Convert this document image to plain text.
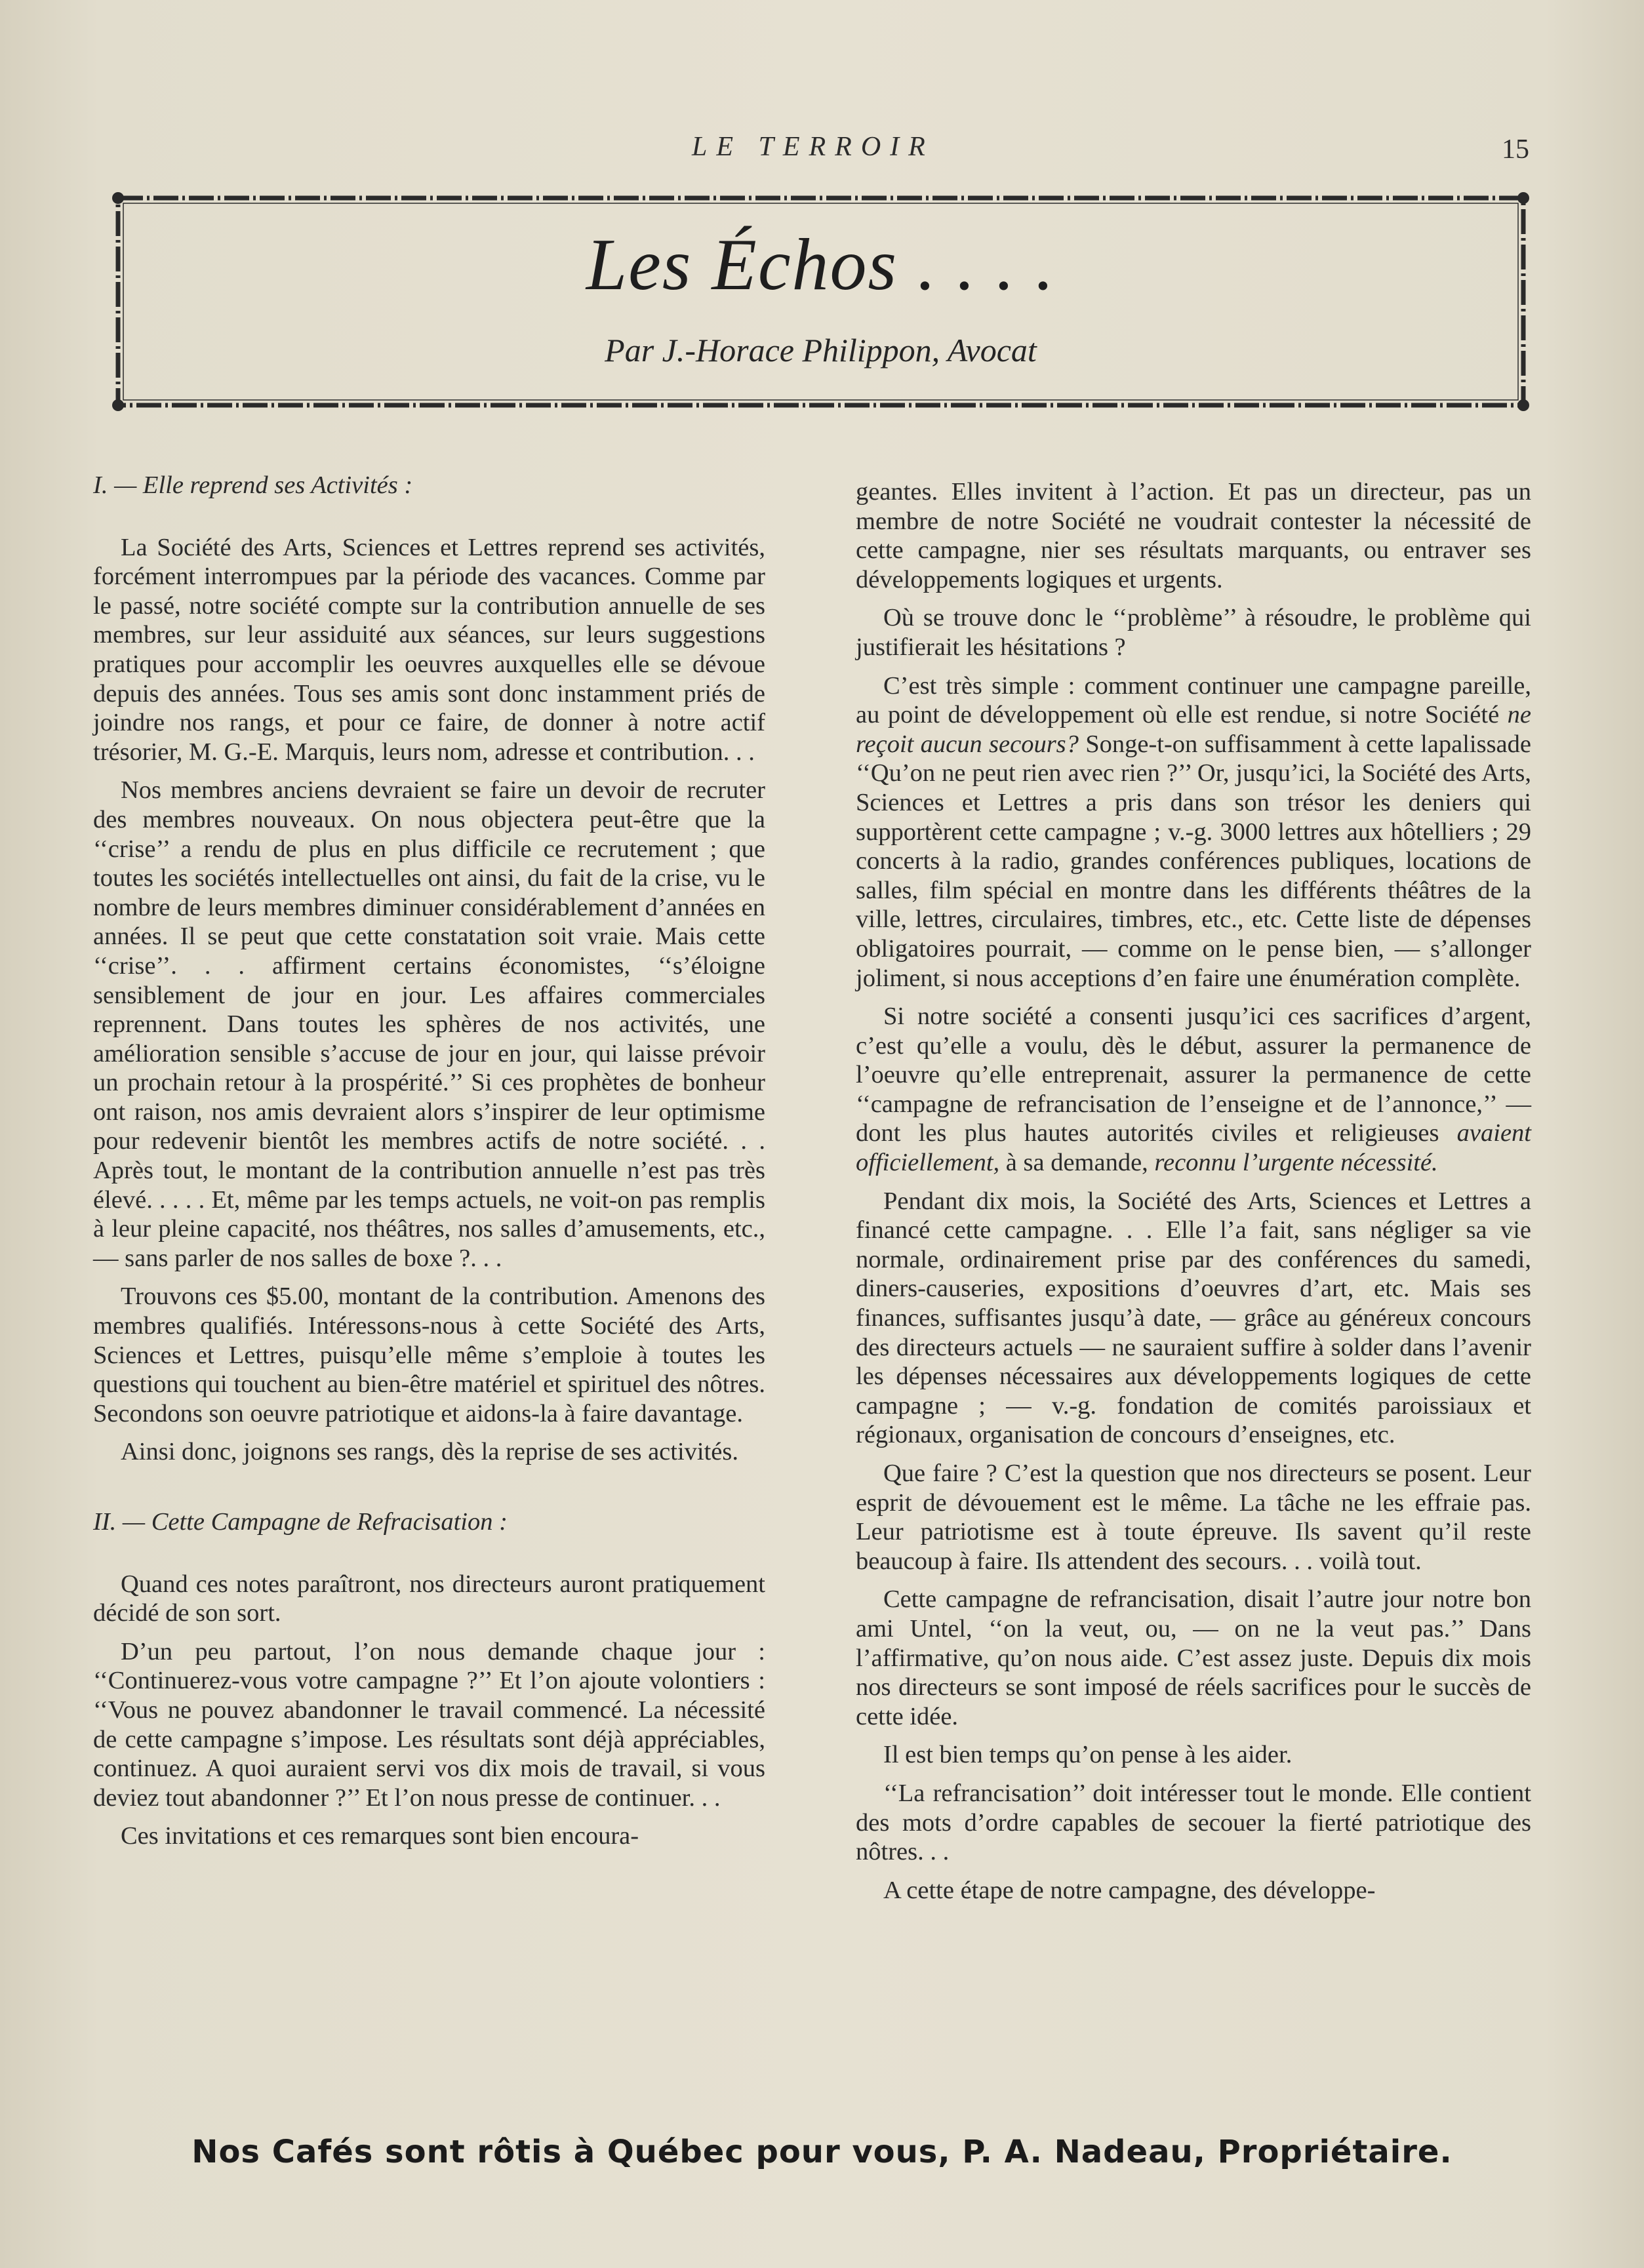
LE TERROIR	15
Les Échos . . . .
Par J.-Horace Philippon, Avocat

I. — Elle reprend ses Activités :

La Société des Arts, Sciences et Lettres reprend ses activités, forcément interrompues par la période des vacances. Comme par le passé, notre société compte sur la contribution annuelle de ses membres, sur leur assiduité aux séances, sur leurs suggestions pratiques pour accomplir les oeuvres auxquelles elle se dévoue depuis des années. Tous ses amis sont donc instamment priés de joindre nos rangs, et pour ce faire, de donner à notre actif trésorier, M. G.-E. Marquis, leurs nom, adresse et contribution. . .

Nos membres anciens devraient se faire un devoir de recruter des membres nouveaux. On nous objectera peut-être que la ‘‘crise’’ a rendu de plus en plus difficile ce recrutement ; que toutes les sociétés intellectuelles ont ainsi, du fait de la crise, vu le nombre de leurs membres diminuer considérablement d’années en années. Il se peut que cette constatation soit vraie. Mais cette ‘‘crise’’. . . affirment certains économistes, ‘‘s’éloigne sensiblement de jour en jour. Les affaires commerciales reprennent. Dans toutes les sphères de nos activités, une amélioration sensible s’accuse de jour en jour, qui laisse prévoir un prochain retour à la prospérité.’’ Si ces prophètes de bonheur ont raison, nos amis devraient alors s’inspirer de leur optimisme pour redevenir bientôt les membres actifs de notre société. . . Après tout, le montant de la contribution annuelle n’est pas très élevé. . . . . Et, même par les temps actuels, ne voit-on pas remplis à leur pleine capacité, nos théâtres, nos salles d’amusements, etc., — sans parler de nos salles de boxe ?. . .

Trouvons ces $5.00, montant de la contribution. Amenons des membres qualifiés. Intéressons-nous à cette Société des Arts, Sciences et Lettres, puisqu’elle même s’emploie à toutes les questions qui touchent au bien-être matériel et spirituel des nôtres. Secondons son oeuvre patriotique et aidons-la à faire davantage.

Ainsi donc, joignons ses rangs, dès la reprise de ses activités.

II. — Cette Campagne de Refracisation :

Quand ces notes paraîtront, nos directeurs auront pratiquement décidé de son sort.

D’un peu partout, l’on nous demande chaque jour : ‘‘Continuerez-vous votre campagne ?’’ Et l’on ajoute volontiers : ‘‘Vous ne pouvez abandonner le travail commencé. La nécessité de cette campagne s’impose. Les résultats sont déjà appréciables, continuez. A quoi auraient servi vos dix mois de travail, si vous deviez tout abandonner ?’’ Et l’on nous presse de continuer. . .

Ces invitations et ces remarques sont bien encoura-

geantes. Elles invitent à l’action. Et pas un directeur, pas un membre de notre Société ne voudrait contester la nécessité de cette campagne, nier ses résultats marquants, ou entraver ses développements logiques et urgents.

Où se trouve donc le ‘‘problème’’ à résoudre, le problème qui justifierait les hésitations ?

C’est très simple : comment continuer une campagne pareille, au point de développement où elle est rendue, si notre Société ne reçoit aucun secours? Songe-t-on suffisamment à cette lapalissade ‘‘Qu’on ne peut rien avec rien ?’’ Or, jusqu’ici, la Société des Arts, Sciences et Lettres a pris dans son trésor les deniers qui supportèrent cette campagne ; v.-g. 3000 lettres aux hôtelliers ; 29 concerts à la radio, grandes conférences publiques, locations de salles, film spécial en montre dans les différents théâtres de la ville, lettres, circulaires, timbres, etc., etc. Cette liste de dépenses obligatoires pourrait, — comme on le pense bien, — s’allonger joliment, si nous acceptions d’en faire une énumération complète.

Si notre société a consenti jusqu’ici ces sacrifices d’argent, c’est qu’elle a voulu, dès le début, assurer la permanence de l’oeuvre qu’elle entreprenait, assurer la permanence de cette ‘‘campagne de refrancisation de l’enseigne et de l’annonce,’’ — dont les plus hautes autorités civiles et religieuses avaient officiellement, à sa demande, reconnu l’urgente nécessité.

Pendant dix mois, la Société des Arts, Sciences et Lettres a financé cette campagne. . . Elle l’a fait, sans négliger sa vie normale, ordinairement prise par des conférences du samedi, diners-causeries, expositions d’oeuvres d’art, etc. Mais ses finances, suffisantes jusqu’à date, — grâce au généreux concours des directeurs actuels — ne sauraient suffire à solder dans l’avenir les dépenses nécessaires aux développements logiques de cette campagne ; — v.-g. fondation de comités paroissiaux et régionaux, organisation de concours d’enseignes, etc.

Que faire ? C’est la question que nos directeurs se posent. Leur esprit de dévouement est le même. La tâche ne les effraie pas. Leur patriotisme est à toute épreuve. Ils savent qu’il reste beaucoup à faire. Ils attendent des secours. . . voilà tout.

Cette campagne de refrancisation, disait l’autre jour notre bon ami Untel, ‘‘on la veut, ou, — on ne la veut pas.’’ Dans l’affirmative, qu’on nous aide. C’est assez juste. Depuis dix mois nos directeurs se sont imposé de réels sacrifices pour le succès de cette idée.

Il est bien temps qu’on pense à les aider.

‘‘La refrancisation’’ doit intéresser tout le monde. Elle contient des mots d’ordre capables de secouer la fierté patriotique des nôtres. . .

A cette étape de notre campagne, des développe-

Nos Cafés sont rôtis à Québec pour vous, P. A. Nadeau, Propriétaire.
